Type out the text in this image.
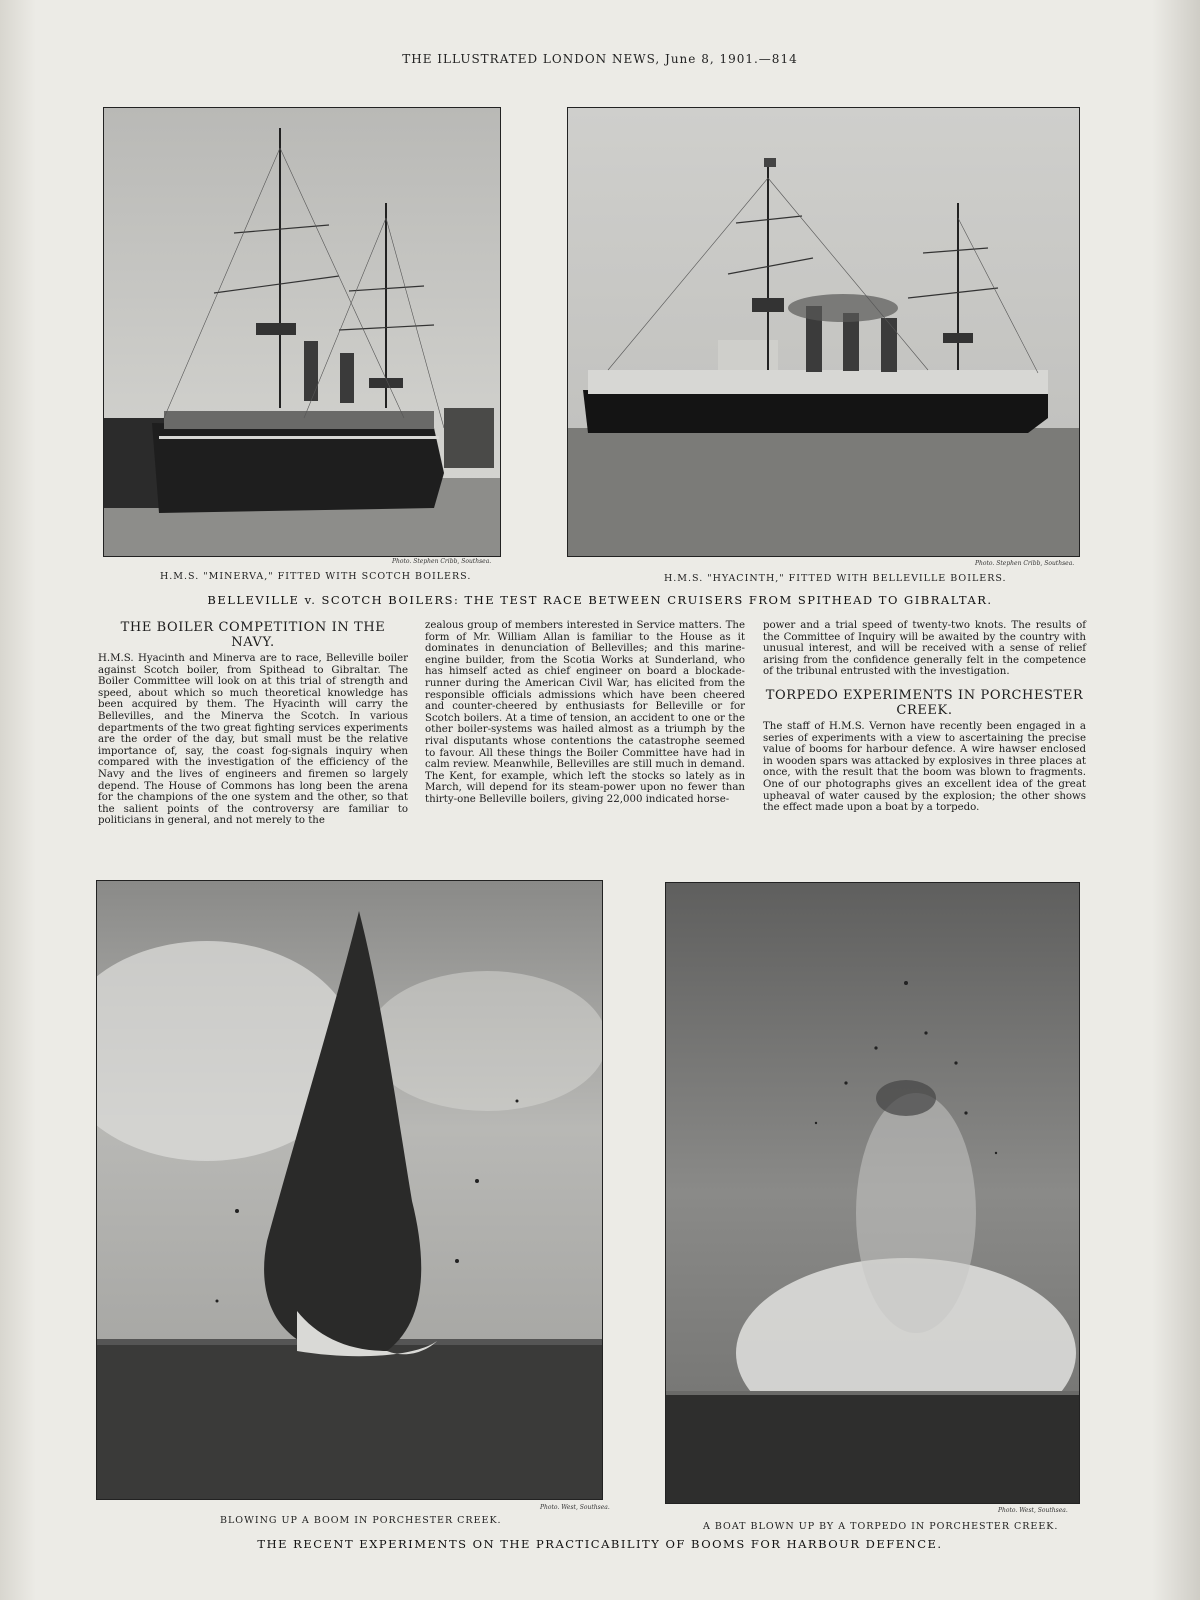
THE ILLUSTRATED LONDON NEWS, June 8, 1901.—814
Photo. Stephen Cribb, Southsea.
H.M.S. "MINERVA," FITTED WITH SCOTCH BOILERS.
Photo. Stephen Cribb, Southsea.
H.M.S. "HYACINTH," FITTED WITH BELLEVILLE BOILERS.
BELLEVILLE v. SCOTCH BOILERS: THE TEST RACE BETWEEN CRUISERS FROM SPITHEAD TO GIBRALTAR.
THE BOILER COMPETITION IN THE NAVY.

H.M.S. Hyacinth and Minerva are to race, Belleville boiler against Scotch boiler, from Spithead to Gibraltar. The Boiler Committee will look on at this trial of strength and speed, about which so much theoretical knowledge has been acquired by them. The Hyacinth will carry the Bellevilles, and the Minerva the Scotch. In various departments of the two great fighting services experiments are the order of the day, but small must be the relative importance of, say, the coast fog-signals inquiry when compared with the investigation of the efficiency of the Navy and the lives of engineers and firemen so largely depend. The House of Commons has long been the arena for the champions of the one system and the other, so that the salient points of the controversy are familiar to politicians in general, and not merely to the

zealous group of members interested in Service matters. The form of Mr. William Allan is familiar to the House as it dominates in denunciation of Bellevilles; and this marine-engine builder, from the Scotia Works at Sunderland, who has himself acted as chief engineer on board a blockade-runner during the American Civil War, has elicited from the responsible officials admissions which have been cheered and counter-cheered by enthusiasts for Belleville or for Scotch boilers. At a time of tension, an accident to one or the other boiler-systems was hailed almost as a triumph by the rival disputants whose contentions the catastrophe seemed to favour. All these things the Boiler Committee have had in calm review. Meanwhile, Bellevilles are still much in demand. The Kent, for example, which left the stocks so lately as in March, will depend for its steam-power upon no fewer than thirty-one Belleville boilers, giving 22,000 indicated horse-

power and a trial speed of twenty-two knots. The results of the Committee of Inquiry will be awaited by the country with unusual interest, and will be received with a sense of relief arising from the confidence generally felt in the competence of the tribunal entrusted with the investigation.

TORPEDO EXPERIMENTS IN PORCHESTER CREEK.

The staff of H.M.S. Vernon have recently been engaged in a series of experiments with a view to ascertaining the precise value of booms for harbour defence. A wire hawser enclosed in wooden spars was attacked by explosives in three places at once, with the result that the boom was blown to fragments. One of our photographs gives an excellent idea of the great upheaval of water caused by the explosion; the other shows the effect made upon a boat by a torpedo.

Photo. West, Southsea.
BLOWING UP A BOOM IN PORCHESTER CREEK.
Photo. West, Southsea.
A BOAT BLOWN UP BY A TORPEDO IN PORCHESTER CREEK.
THE RECENT EXPERIMENTS ON THE PRACTICABILITY OF BOOMS FOR HARBOUR DEFENCE.
